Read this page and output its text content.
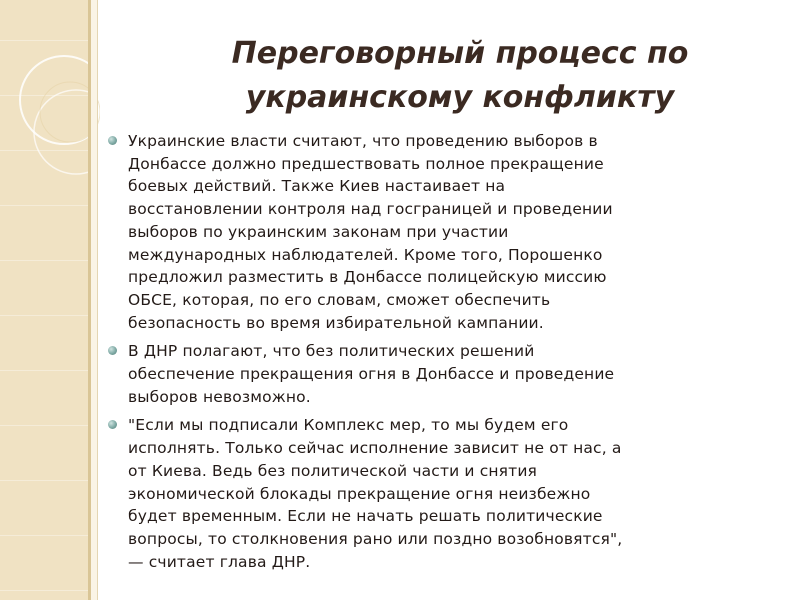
Переговорный процесс по
украинскому конфликту
Украинские власти считают, что проведению выборов в
Донбассе должно предшествовать полное прекращение
боевых действий. Также Киев настаивает на
восстановлении контроля над госграницей и проведении
выборов по украинским законам при участии
международных наблюдателей. Кроме того, Порошенко
предложил разместить в Донбассе полицейскую миссию
ОБСЕ, которая, по его словам, сможет обеспечить
безопасность во время избирательной кампании.
В ДНР полагают, что без политических решений
обеспечение прекращения огня в Донбассе и проведение
выборов невозможно.
"Если мы подписали Комплекс мер, то мы будем его
исполнять. Только сейчас исполнение зависит не от нас, а
от Киева. Ведь без политической части и снятия
экономической блокады прекращение огня неизбежно
будет временным. Если не начать решать политические
вопросы, то столкновения рано или поздно возобновятся",
— считает глава ДНР.
